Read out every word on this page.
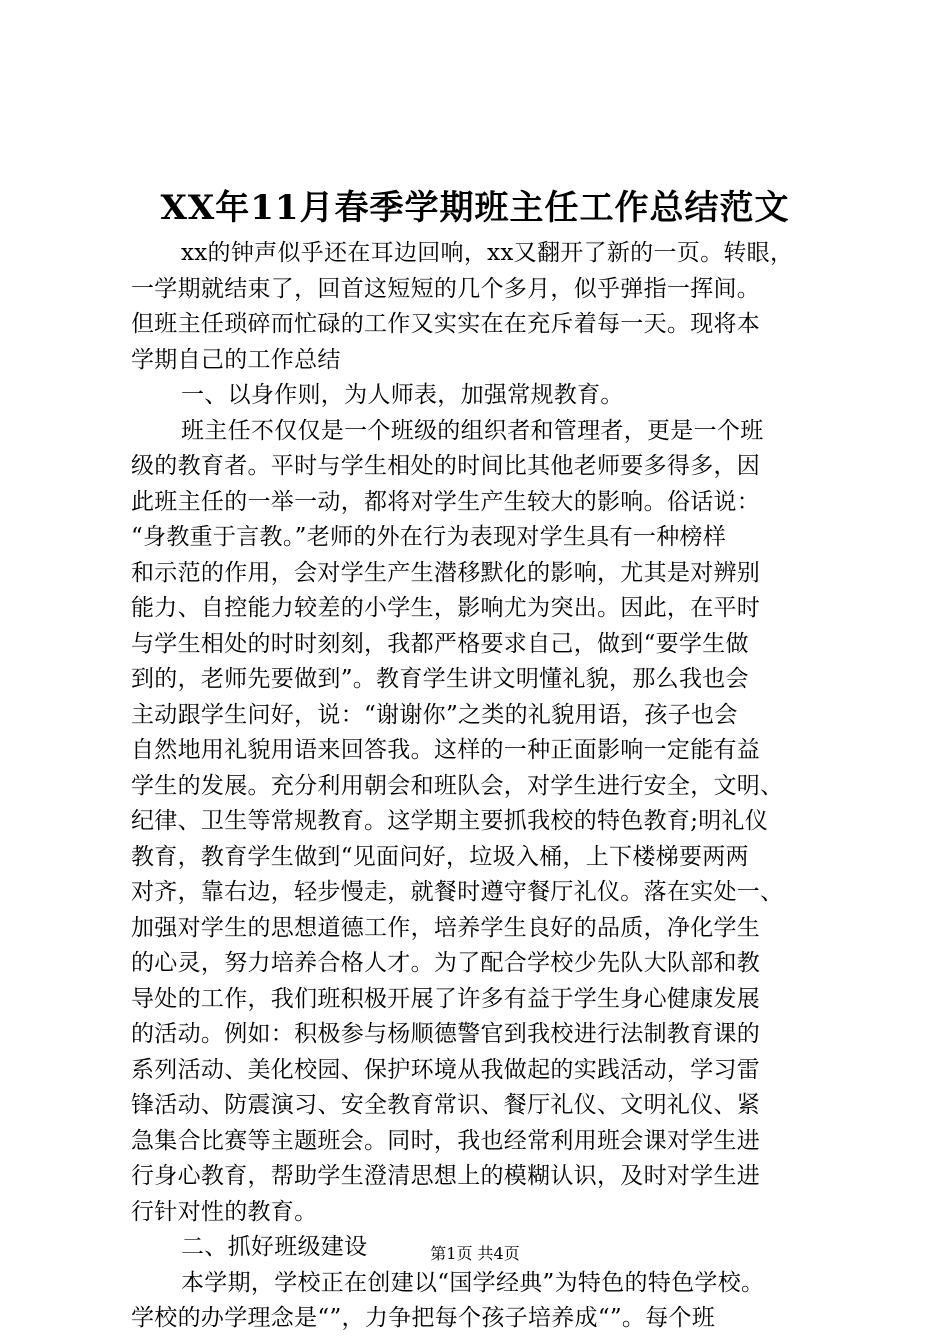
XX年11月春季学期班主任工作总结范文
xx的钟声似乎还在耳边回响，xx又翻开了新的一页。转眼，
一学期就结束了，回首这短短的几个多月，似乎弹指一挥间。
但班主任琐碎而忙碌的工作又实实在在充斥着每一天。现将本
学期自己的工作总结
一、以身作则，为人师表，加强常规教育。
班主任不仅仅是一个班级的组织者和管理者，更是一个班
级的教育者。平时与学生相处的时间比其他老师要多得多，因
此班主任的一举一动，都将对学生产生较大的影响。俗话说：
“身教重于言教。”老师的外在行为表现对学生具有一种榜样
和示范的作用，会对学生产生潜移默化的影响，尤其是对辨别
能力、自控能力较差的小学生，影响尤为突出。因此，在平时
与学生相处的时时刻刻，我都严格要求自己，做到“要学生做
到的，老师先要做到”。教育学生讲文明懂礼貌，那么我也会
主动跟学生问好，说：“谢谢你”之类的礼貌用语，孩子也会
自然地用礼貌用语来回答我。这样的一种正面影响一定能有益
学生的发展。充分利用朝会和班队会，对学生进行安全，文明、
纪律、卫生等常规教育。这学期主要抓我校的特色教育;明礼仪
教育，教育学生做到“见面问好，垃圾入桶，上下楼梯要两两
对齐，靠右边，轻步慢走，就餐时遵守餐厅礼仪。落在实处一、
加强对学生的思想道德工作，培养学生良好的品质，净化学生
的心灵，努力培养合格人才。为了配合学校少先队大队部和教
导处的工作，我们班积极开展了许多有益于学生身心健康发展
的活动。例如：积极参与杨顺德警官到我校进行法制教育课的
系列活动、美化校园、保护环境从我做起的实践活动，学习雷
锋活动、防震演习、安全教育常识、餐厅礼仪、文明礼仪、紧
急集合比赛等主题班会。同时，我也经常利用班会课对学生进
行身心教育，帮助学生澄清思想上的模糊认识，及时对学生进
行针对性的教育。
二、抓好班级建设
本学期，学校正在创建以“国学经典”为特色的特色学校。
学校的办学理念是“”，力争把每个孩子培养成“”。每个班
第1页 共4页
